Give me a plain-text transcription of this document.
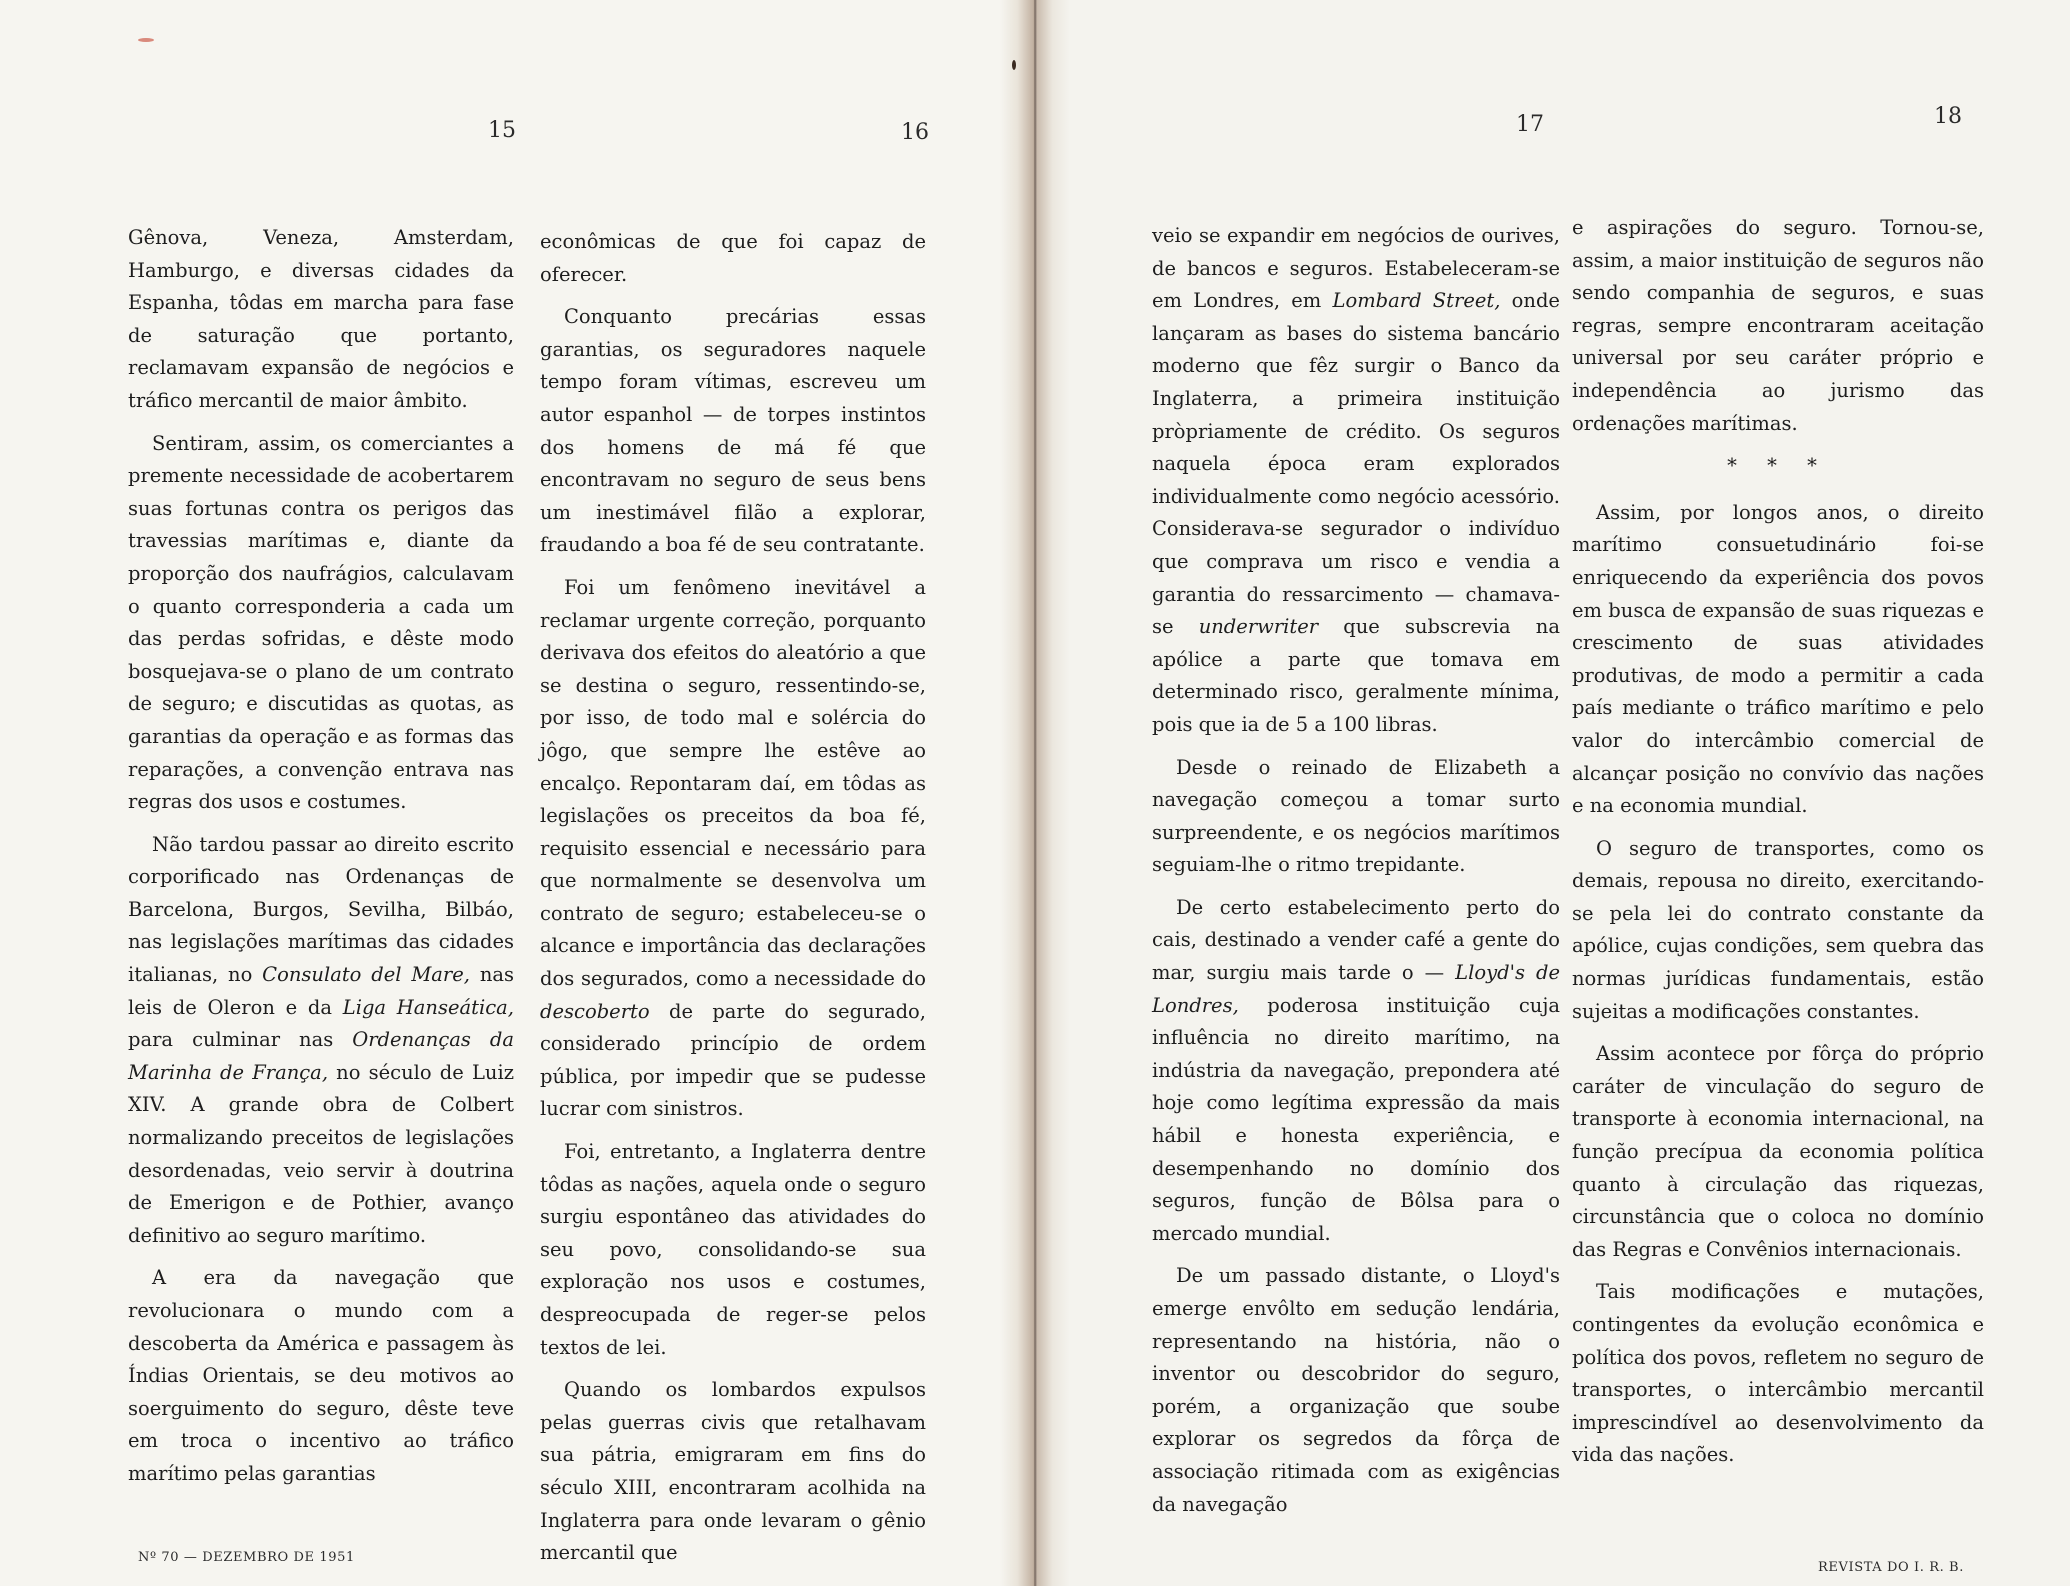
15	16	17	18

Gênova, Veneza, Amsterdam, Hamburgo, e diversas cidades da Espanha, tôdas em marcha para fase de saturação que portanto, reclamavam expansão de negócios e tráfico mercantil de maior âmbito.

Sentiram, assim, os comerciantes a premente necessidade de acobertarem suas fortunas contra os perigos das travessias marítimas e, diante da proporção dos naufrágios, calculavam o quanto corresponderia a cada um das perdas sofridas, e dêste modo bosquejava-se o plano de um contrato de seguro; e discutidas as quotas, as garantias da operação e as formas das reparações, a convenção entrava nas regras dos usos e costumes.

Não tardou passar ao direito escrito corporificado nas Ordenanças de Barcelona, Burgos, Sevilha, Bilbáo, nas legislações marítimas das cidades italianas, no Consulato del Mare, nas leis de Oleron e da Liga Hanseática, para culminar nas Ordenanças da Marinha de França, no século de Luiz XIV. A grande obra de Colbert normalizando preceitos de legislações desordenadas, veio servir à doutrina de Emerigon e de Pothier, avanço definitivo ao seguro marítimo.

A era da navegação que revolucionara o mundo com a descoberta da América e passagem às Índias Orientais, se deu motivos ao soerguimento do seguro, dêste teve em troca o incentivo ao tráfico marítimo pelas garantias

econômicas de que foi capaz de oferecer.

Conquanto precárias essas garantias, os seguradores naquele tempo foram vítimas, escreveu um autor espanhol — de torpes instintos dos homens de má fé que encontravam no seguro de seus bens um inestimável filão a explorar, fraudando a boa fé de seu contratante.

Foi um fenômeno inevitável a reclamar urgente correção, porquanto derivava dos efeitos do aleatório a que se destina o seguro, ressentindo-se, por isso, de todo mal e solércia do jôgo, que sempre lhe estêve ao encalço. Repontaram daí, em tôdas as legislações os preceitos da boa fé, requisito essencial e necessário para que normalmente se desenvolva um contrato de seguro; estabeleceu-se o alcance e importância das declarações dos segurados, como a necessidade do descoberto de parte do segurado, considerado princípio de ordem pública, por impedir que se pudesse lucrar com sinistros.

Foi, entretanto, a Inglaterra dentre tôdas as nações, aquela onde o seguro surgiu espontâneo das atividades do seu povo, consolidando-se sua exploração nos usos e costumes, despreocupada de reger-se pelos textos de lei.

Quando os lombardos expulsos pelas guerras civis que retalhavam sua pátria, emigraram em fins do século XIII, encontraram acolhida na Inglaterra para onde levaram o gênio mercantil que

veio se expandir em negócios de ourives, de bancos e seguros. Estabeleceram-se em Londres, em Lombard Street, onde lançaram as bases do sistema bancário moderno que fêz surgir o Banco da Inglaterra, a primeira instituição pròpriamente de crédito. Os seguros naquela época eram explorados individualmente como negócio acessório. Considerava-se segurador o indivíduo que comprava um risco e vendia a garantia do ressarcimento — chamava-se underwriter que subscrevia na apólice a parte que tomava em determinado risco, geralmente mínima, pois que ia de 5 a 100 libras.

Desde o reinado de Elizabeth a navegação começou a tomar surto surpreendente, e os negócios marítimos seguiam-lhe o ritmo trepidante.

De certo estabelecimento perto do cais, destinado a vender café a gente do mar, surgiu mais tarde o — Lloyd's de Londres, poderosa instituição cuja influência no direito marítimo, na indústria da navegação, prepondera até hoje como legítima expressão da mais hábil e honesta experiência, e desempenhando no domínio dos seguros, função de Bôlsa para o mercado mundial.

De um passado distante, o Lloyd's emerge envôlto em sedução lendária, representando na história, não o inventor ou descobridor do seguro, porém, a organização que soube explorar os segredos da fôrça de associação ritimada com as exigências da navegação

e aspirações do seguro. Tornou-se, assim, a maior instituição de seguros não sendo companhia de seguros, e suas regras, sempre encontraram aceitação universal por seu caráter próprio e independência ao jurismo das ordenações marítimas.

* * *

Assim, por longos anos, o direito marítimo consuetudinário foi-se enriquecendo da experiência dos povos em busca de expansão de suas riquezas e crescimento de suas atividades produtivas, de modo a permitir a cada país mediante o tráfico marítimo e pelo valor do intercâmbio comercial de alcançar posição no convívio das nações e na economia mundial.

O seguro de transportes, como os demais, repousa no direito, exercitando-se pela lei do contrato constante da apólice, cujas condições, sem quebra das normas jurídicas fundamentais, estão sujeitas a modificações constantes.

Assim acontece por fôrça do próprio caráter de vinculação do seguro de transporte à economia internacional, na função precípua da economia política quanto à circulação das riquezas, circunstância que o coloca no domínio das Regras e Convênios internacionais.

Tais modificações e mutações, contingentes da evolução econômica e política dos povos, refletem no seguro de transportes, o intercâmbio mercantil imprescindível ao desenvolvimento da vida das nações.

Nº 70 — DEZEMBRO DE 1951
REVISTA DO I. R. B.
